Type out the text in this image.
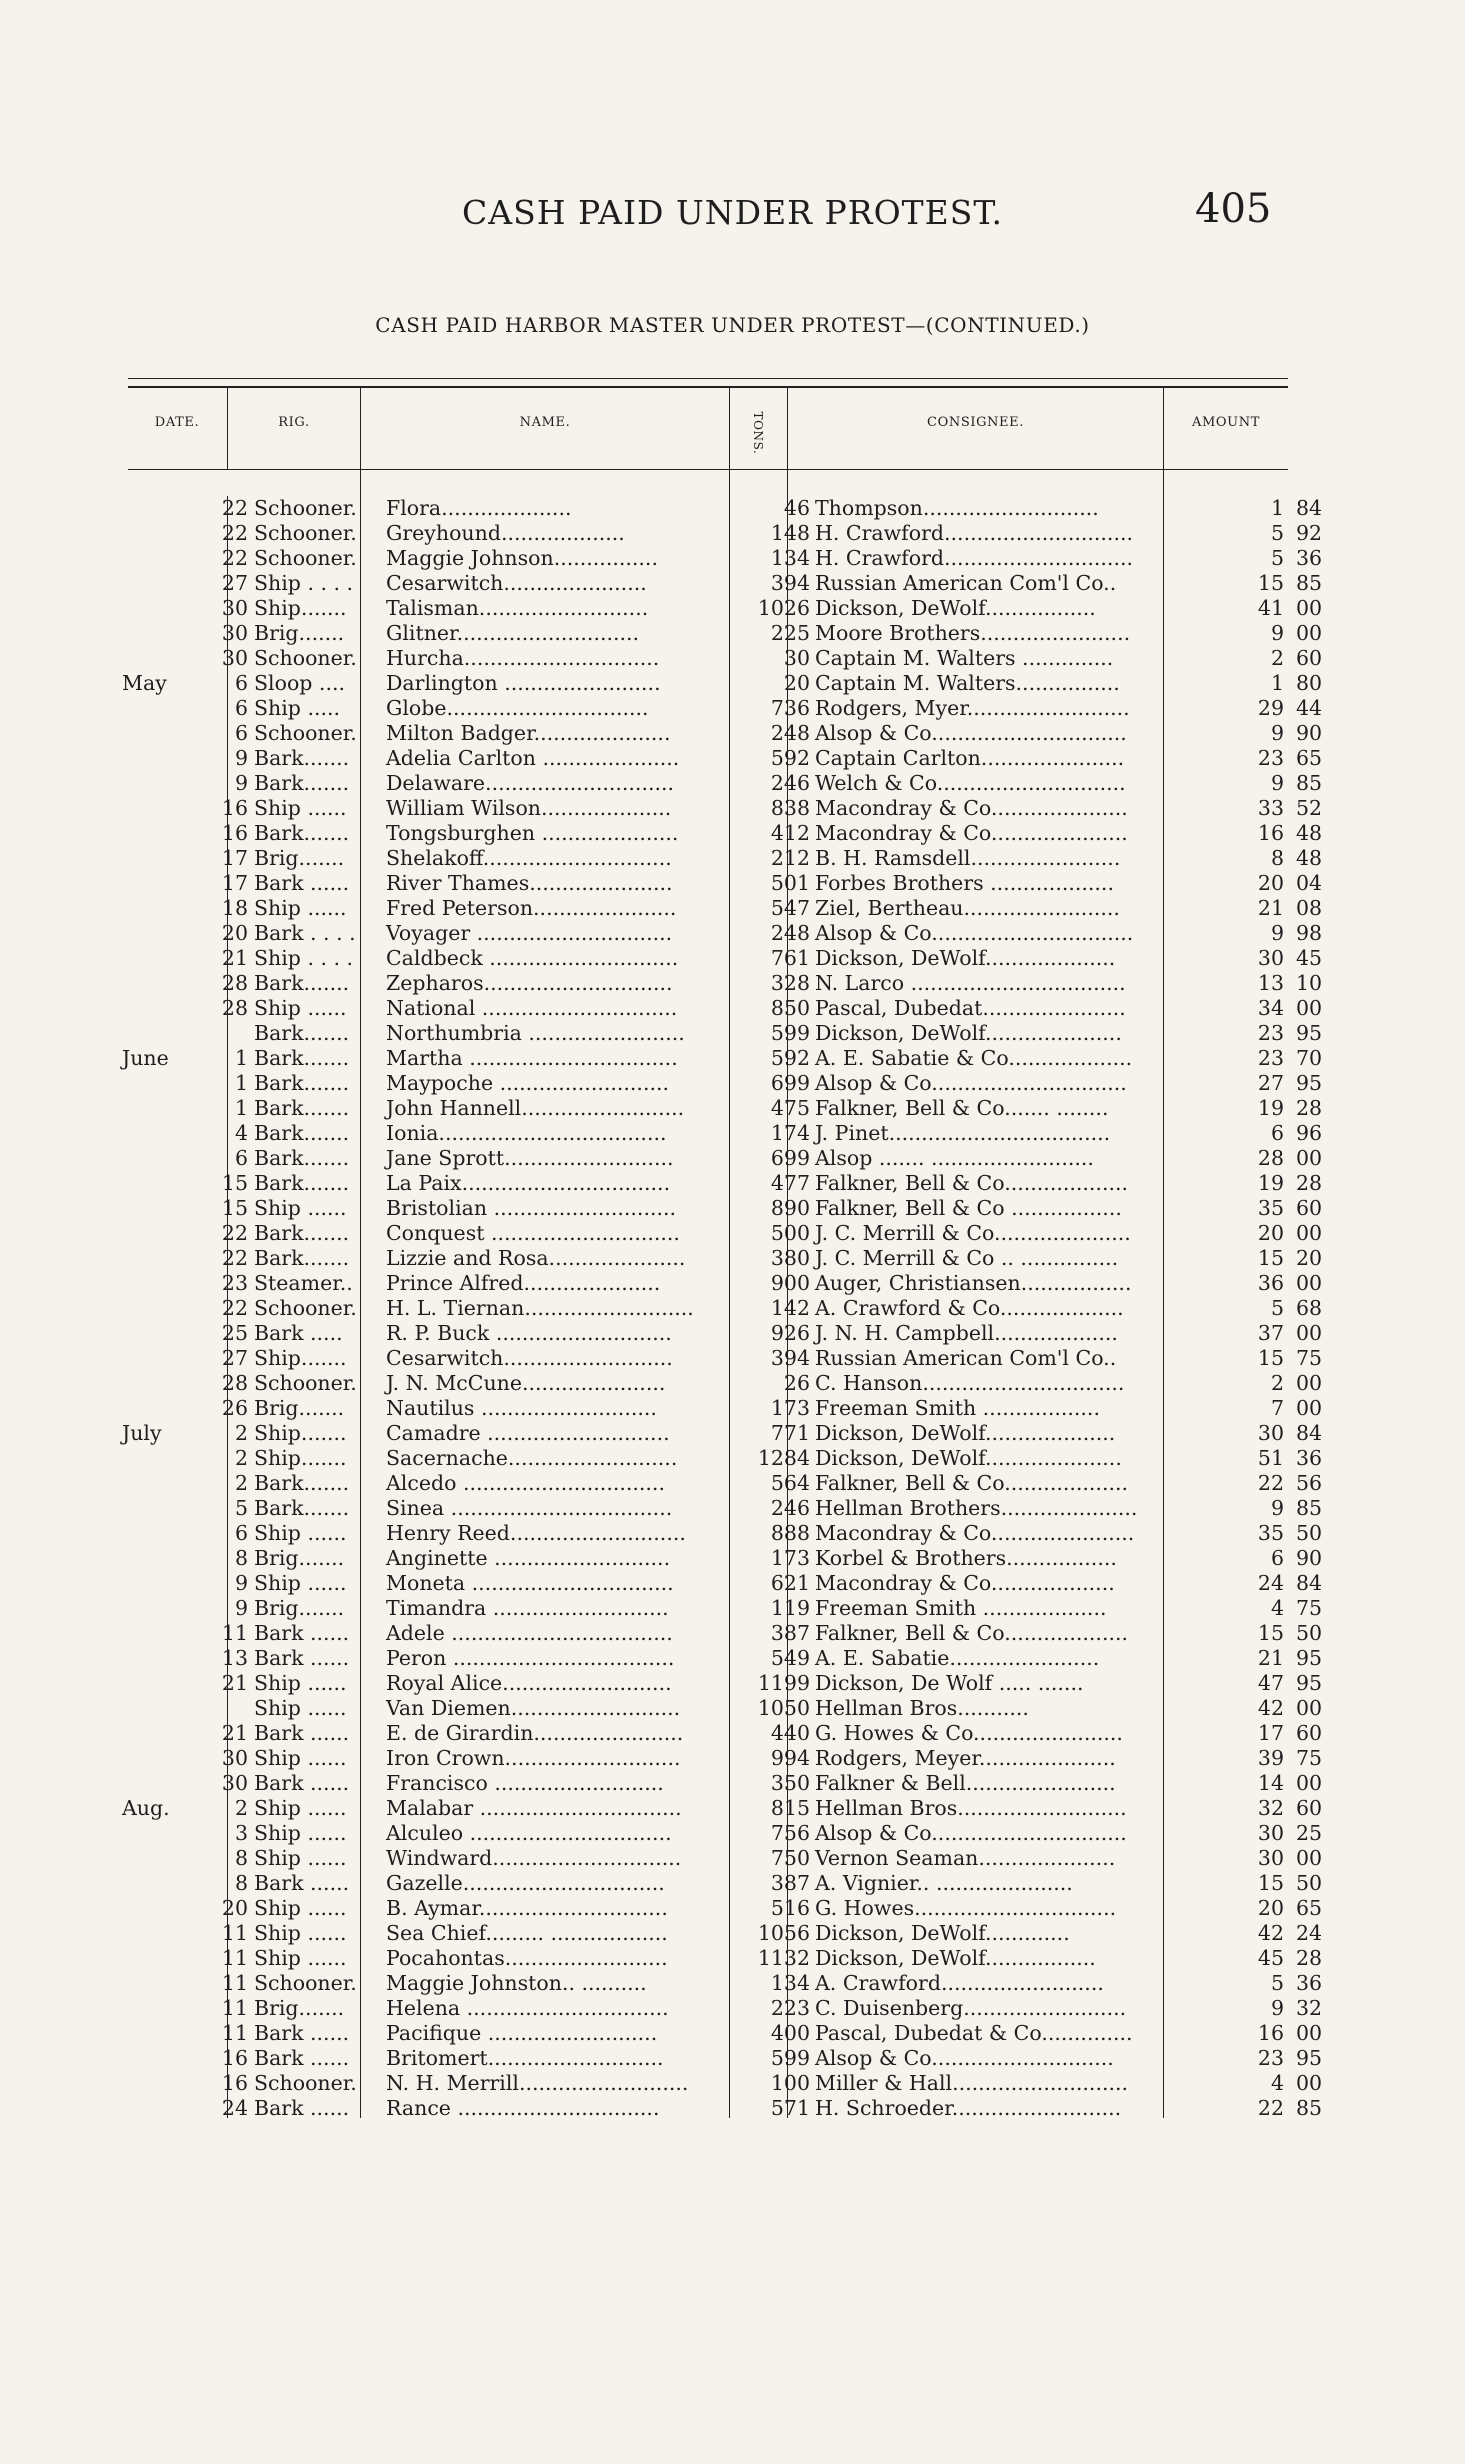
CASH PAID UNDER PROTEST.	405
CASH PAID HARBOR MASTER UNDER PROTEST—(CONTINUED.)
DATE.	RIG.	NAME.	TONS.	CONSIGNEE.	AMOUNT
	22	Schooner.	Flora....................	46	Thompson...........................	1	84
	22	Schooner.	Greyhound...................	148	H. Crawford.............................	5	92
	22	Schooner.	Maggie Johnson................	134	H. Crawford.............................	5	36
	27	Ship . . . .	Cesarwitch......................	394	Russian American Com'l Co..	15	85
	30	Ship.......	Talisman..........................	1026	Dickson, DeWolf.................	41	00
	30	Brig.......	Glitner............................	225	Moore Brothers.......................	9	00
	30	Schooner.	Hurcha..............................	30	Captain M. Walters ..............	2	60
May	6	Sloop ....	Darlington ........................	20	Captain M. Walters................	1	80
	6	Ship .....	Globe...............................	736	Rodgers, Myer.........................	29	44
	6	Schooner.	Milton Badger.....................	248	Alsop & Co..............................	9	90
	9	Bark.......	Adelia Carlton .....................	592	Captain Carlton......................	23	65
	9	Bark.......	Delaware.............................	246	Welch & Co.............................	9	85
	16	Ship ......	William Wilson....................	838	Macondray & Co.....................	33	52
	16	Bark.......	Tongsburghen .....................	412	Macondray & Co.....................	16	48
	17	Brig.......	Shelakoff.............................	212	B. H. Ramsdell.......................	8	48
	17	Bark ......	River Thames......................	501	Forbes Brothers ...................	20	04
	18	Ship ......	Fred Peterson......................	547	Ziel, Bertheau........................	21	08
	20	Bark . . . .	Voyager ..............................	248	Alsop & Co...............................	9	98
	21	Ship . . . .	Caldbeck .............................	761	Dickson, DeWolf....................	30	45
	28	Bark.......	Zepharos.............................	328	N. Larco .................................	13	10
	28	Ship ......	National ..............................	850	Pascal, Dubedat......................	34	00
		Bark.......	Northumbria ........................	599	Dickson, DeWolf.....................	23	95
June	1	Bark.......	Martha ................................	592	A. E. Sabatie & Co...................	23	70
	1	Bark.......	Maypoche ..........................	699	Alsop & Co..............................	27	95
	1	Bark.......	John Hannell.........................	475	Falkner, Bell & Co....... ........	19	28
	4	Bark.......	Ionia...................................	174	J. Pinet..................................	6	96
	6	Bark.......	Jane Sprott..........................	699	Alsop ....... .........................	28	00
	15	Bark.......	La Paix................................	477	Falkner, Bell & Co...................	19	28
	15	Ship ......	Bristolian ............................	890	Falkner, Bell & Co .................	35	60
	22	Bark.......	Conquest .............................	500	J. C. Merrill & Co.....................	20	00
	22	Bark.......	Lizzie and Rosa.....................	380	J. C. Merrill & Co .. ...............	15	20
	23	Steamer..	Prince Alfred.....................	900	Auger, Christiansen.................	36	00
	22	Schooner.	H. L. Tiernan..........................	142	A. Crawford & Co...................	5	68
	25	Bark .....	R. P. Buck ...........................	926	J. N. H. Campbell...................	37	00
	27	Ship.......	Cesarwitch..........................	394	Russian American Com'l Co..	15	75
	28	Schooner.	J. N. McCune......................	26	C. Hanson...............................	2	00
	26	Brig.......	Nautilus ...........................	173	Freeman Smith ..................	7	00
July	2	Ship.......	Camadre ............................	771	Dickson, DeWolf....................	30	84
	2	Ship.......	Sacernache..........................	1284	Dickson, DeWolf.....................	51	36
	2	Bark.......	Alcedo ...............................	564	Falkner, Bell & Co...................	22	56
	5	Bark.......	Sinea ..................................	246	Hellman Brothers.....................	9	85
	6	Ship ......	Henry Reed...........................	888	Macondray & Co......................	35	50
	8	Brig.......	Anginette ...........................	173	Korbel & Brothers.................	6	90
	9	Ship ......	Moneta ...............................	621	Macondray & Co...................	24	84
	9	Brig.......	Timandra ...........................	119	Freeman Smith ...................	4	75
	11	Bark ......	Adele ..................................	387	Falkner, Bell & Co...................	15	50
	13	Bark ......	Peron ..................................	549	A. E. Sabatie.......................	21	95
	21	Ship ......	Royal Alice..........................	1199	Dickson, De Wolf ..... .......	47	95
		Ship ......	Van Diemen..........................	1050	Hellman Bros...........	42	00
	21	Bark ......	E. de Girardin.......................	440	G. Howes & Co.......................	17	60
	30	Ship ......	Iron Crown...........................	994	Rodgers, Meyer.....................	39	75
	30	Bark ......	Francisco ..........................	350	Falkner & Bell.......................	14	00
Aug.	2	Ship ......	Malabar ...............................	815	Hellman Bros..........................	32	60
	3	Ship ......	Alculeo ...............................	756	Alsop & Co..............................	30	25
	8	Ship ......	Windward.............................	750	Vernon Seaman.....................	30	00
	8	Bark ......	Gazelle...............................	387	A. Vignier.. .....................	15	50
	20	Ship ......	B. Aymar.............................	516	G. Howes...............................	20	65
	11	Ship ......	Sea Chief......... ..................	1056	Dickson, DeWolf.............	42	24
	11	Ship ......	Pocahontas.........................	1132	Dickson, DeWolf.................	45	28
	11	Schooner.	Maggie Johnston.. ..........	134	A. Crawford.........................	5	36
	11	Brig.......	Helena ...............................	223	C. Duisenberg.........................	9	32
	11	Bark ......	Pacifique ..........................	400	Pascal, Dubedat & Co..............	16	00
	16	Bark ......	Britomert...........................	599	Alsop & Co............................	23	95
	16	Schooner.	N. H. Merrill..........................	100	Miller & Hall...........................	4	00
	24	Bark ......	Rance ...............................	571	H. Schroeder..........................	22	85
